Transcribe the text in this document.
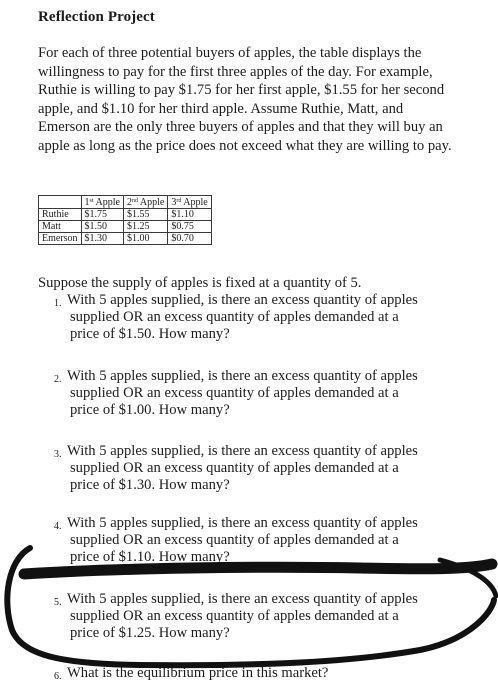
Reflection Project
For each of three potential buyers of apples, the table displays the willingness to pay for the first three apples of the day. For example, Ruthie is willing to pay $1.75 for her first apple, $1.55 for her second apple, and $1.10 for her third apple. Assume Ruthie, Matt, and Emerson are the only three buyers of apples and that they will buy an apple as long as the price does not exceed what they are willing to pay.
	1st Apple	2nd Apple	3rd Apple
Ruthie	$1.75	$1.55	$1.10
Matt	$1.50	$1.25	$0.75
Emerson	$1.30	$1.00	$0.70
Suppose the supply of apples is fixed at a quantity of 5.
1. With 5 apples supplied, is there an excess quantity of apples
supplied OR an excess quantity of apples demanded at a
price of $1.50. How many?
2. With 5 apples supplied, is there an excess quantity of apples
supplied OR an excess quantity of apples demanded at a
price of $1.00. How many?
3. With 5 apples supplied, is there an excess quantity of apples
supplied OR an excess quantity of apples demanded at a
price of $1.30. How many?
4. With 5 apples supplied, is there an excess quantity of apples
supplied OR an excess quantity of apples demanded at a
price of $1.10. How many?
5. With 5 apples supplied, is there an excess quantity of apples
supplied OR an excess quantity of apples demanded at a
price of $1.25. How many?
6. What is the equilibrium price in this market?
